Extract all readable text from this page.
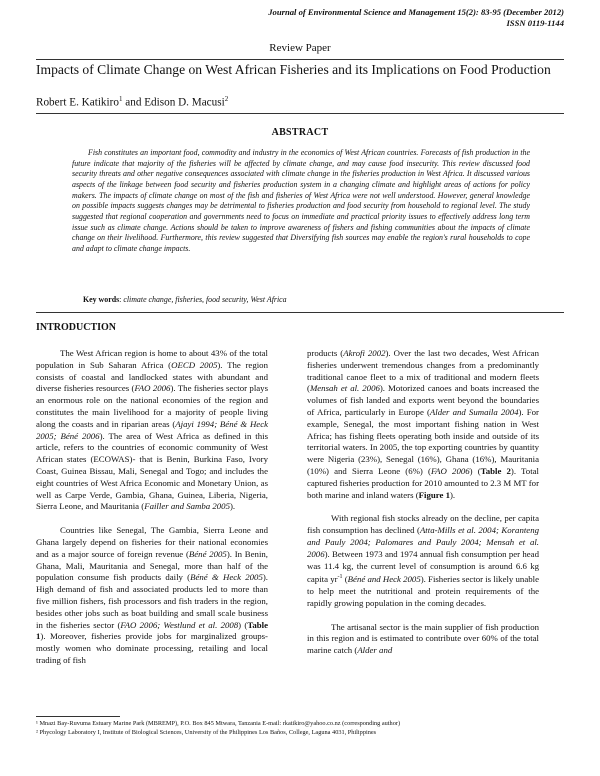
Journal of Environmental Science and Management 15(2): 83-95 (December 2012)
ISSN 0119-1144
Review Paper
Impacts of Climate Change on West African Fisheries and its Implications on Food Production
Robert E. Katikiro$^1$ and Edison D. Macusi$^2$
ABSTRACT

Fish constitutes an important food, commodity and industry in the economics of West African countries. Forecasts of fish production in the future indicate that majority of the fisheries will be affected by climate change, and may cause food insecurity. This review discussed food security threats and other negative consequences associated with climate change in the fisheries production in West Africa. It discussed various aspects of the linkage between food security and fisheries production system in a changing climate and highlight areas of actions for policy makers. The impacts of climate change on most of the fish and fisheries of West Africa were not well understood. However, general knowledge on possible impacts suggests changes may be detrimental to fisheries production and food security from household to regional level. The study suggested that regional cooperation and governments need to focus on immediate and practical priority issues to effectively address long term issue such as climate change. Actions should be taken to improve awareness of fishers and fishing communities about the impacts of climate change on their livelihood. Furthermore, this review suggested that Diversifying fish sources may enable the region's rural households to cope and adapt to climate change impacts.

Key words: climate change, fisheries, food security, West Africa
INTRODUCTION

The West African region is home to about 43% of the total population in Sub Saharan Africa (OECD 2005). The region consists of coastal and landlocked states with abundant and diverse fisheries resources (FAO 2006). The fisheries sector plays an enormous role on the national economies of the region and constitutes the main livelihood for a majority of people living along the coasts and in riparian areas (Ajayi 1994; Béné & Heck 2005; Béné 2006). The area of West Africa as defined in this article, refers to the countries of economic community of West African states (ECOWAS)- that is Benin, Burkina Faso, Ivory Coast, Guinea Bissau, Mali, Senegal and Togo; and includes the eight countries of West Africa Economic and Monetary Union, as well as Carpe Verde, Gambia, Ghana, Guinea, Liberia, Nigeria, Sierra Leone, and Mauritania (Failler and Samba 2005).

Countries like Senegal, The Gambia, Sierra Leone and Ghana largely depend on fisheries for their national economies and as a major source of foreign revenue (Béné 2005). In Benin, Ghana, Mali, Mauritania and Senegal, more than half of the population consume fish products daily (Béné & Heck 2005). High demand of fish and associated products led to more than five million fishers, fish processors and fish traders in the region, besides other jobs such as boat building and small scale business in the fisheries sector (FAO 2006; Westlund et al. 2008) (Table 1). Moreover, fisheries provide jobs for marginalized groups- mostly women who dominate processing, retailing and local trading of fish

products (Akrofi 2002). Over the last two decades, West African fisheries underwent tremendous changes from a predominantly traditional canoe fleet to a mix of traditional and modern fleets (Mensah et al. 2006). Motorized canoes and boats increased the volumes of fish landed and exports went beyond the boundaries of Africa, particularly in Europe (Alder and Sumaila 2004). For example, Senegal, the most important fishing nation in West Africa; has fishing fleets operating both inside and outside of its territorial waters. In 2005, the top exporting countries by quantity were Nigeria (23%), Senegal (16%), Ghana (16%), Mauritania (10%) and Sierra Leone (6%) (FAO 2006) (Table 2). Total captured fisheries production for 2010 amounted to 2.3 M MT for both marine and inland waters (Figure 1).

With regional fish stocks already on the decline, per capita fish consumption has declined (Atta-Mills et al. 2004; Koranteng and Pauly 2004; Palomares and Pauly 2004; Mensah et al. 2006). Between 1973 and 1974 annual fish consumption per head was 11.4 kg, the current level of consumption is around 6.6 kg capita $yr^{-1}$ (Béné and Heck 2005). Fisheries sector is likely unable to help meet the nutritional and protein requirements of the rapidly growing population in the coming decades.

The artisanal sector is the main supplier of fish production in this region and is estimated to contribute over 60% of the total marine catch (Alder and

¹ Mnazi Bay-Ruvuma Estuary Marine Park (MBREMP), P.O. Box 845 Mtwara, Tanzania E-mail: rkatikiro@yahoo.co.nz (corresponding author)
² Phycology Laboratory I, Institute of Biological Sciences, University of the Philippines Los Baños, College, Laguna 4031, Philippines
